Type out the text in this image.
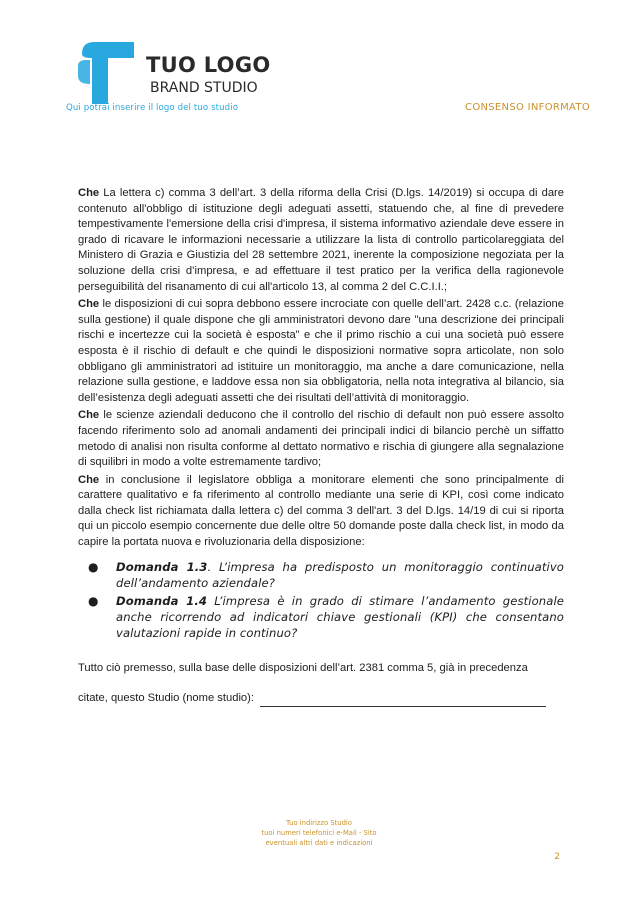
TUO LOGO
BRAND STUDIO
Qui potrai inserire il logo del tuo studio	CONSENSO INFORMATO

Che La lettera c) comma 3 dell’art. 3 della riforma della Crisi (D.lgs. 14/2019) si occupa di dare contenuto all'obbligo di istituzione degli adeguati assetti, statuendo che, al fine di prevedere tempestivamente l'emersione della crisi d'impresa, il sistema informativo aziendale deve essere in grado di ricavare le informazioni necessarie a utilizzare la lista di controllo particolareggiata del Ministero di Grazia e Giustizia del 28 settembre 2021, inerente la composizione negoziata per la soluzione della crisi d’impresa, e ad effettuare il test pratico per la verifica della ragionevole perseguibilità del risanamento di cui all'articolo 13, al comma 2 del C.C.I.I.;

Che le disposizioni di cui sopra debbono essere incrociate con quelle dell’art. 2428 c.c. (relazione sulla gestione) il quale dispone che gli amministratori devono dare "una descrizione dei principali rischi e incertezze cui la società è esposta" e che il primo rischio a cui una società può essere esposta è il rischio di default e che quindi le disposizioni normative sopra articolate, non solo obbligano gli amministratori ad istituire un monitoraggio, ma anche a dare comunicazione, nella relazione sulla gestione, e laddove essa non sia obbligatoria, nella nota integrativa al bilancio, sia dell’esistenza degli adeguati assetti che dei risultati dell’attività di monitoraggio.

Che le scienze aziendali deducono che il controllo del rischio di default non può essere assolto facendo riferimento solo ad anomali andamenti dei principali indici di bilancio perchè un siffatto metodo di analisi non risulta conforme al dettato normativo e rischia di giungere alla segnalazione di squilibri in modo a volte estremamente tardivo;

Che in conclusione il legislatore obbliga a monitorare elementi che sono principalmente di carattere qualitativo e fa riferimento al controllo mediante una serie di KPI, così come indicato dalla check list richiamata dalla lettera c) del comma 3 dell'art. 3 del D.lgs. 14/19 di cui si riporta qui un piccolo esempio concernente due delle oltre 50 domande poste dalla check list, in modo da capire la portata nuova e rivoluzionaria della disposizione:

● Domanda 1.3. L’impresa ha predisposto un monitoraggio continuativo dell’andamento aziendale?
● Domanda 1.4 L’impresa è in grado di stimare l’andamento gestionale anche ricorrendo ad indicatori chiave gestionali (KPI) che consentano valutazioni rapide in continuo?
Tutto ciò premesso, sulla base delle disposizioni dell’art. 2381 comma 5, già in precedenza
citate, questo Studio (nome studio):
Tuo indirizzo Studio
tuoi numeri telefonici e-Mail - Sito
eventuali altri dati e indicazioni
2
